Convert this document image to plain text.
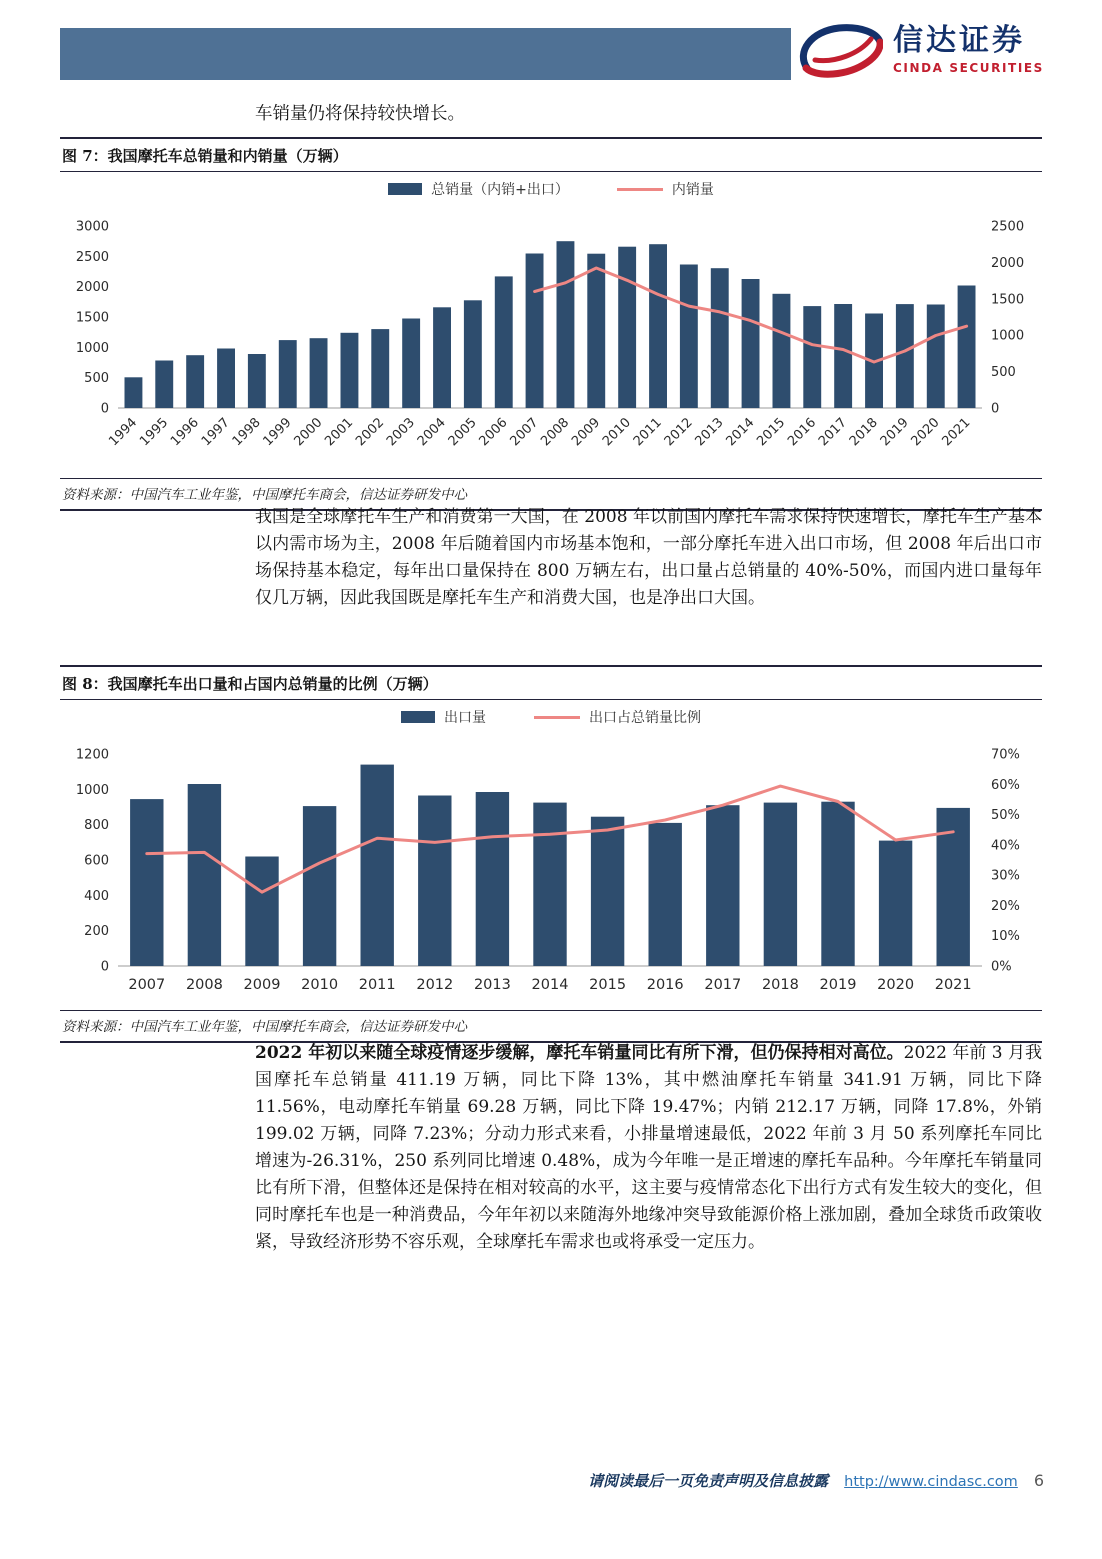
信达证券
CINDA SECURITIES
车销量仍将保持较快增长。
图 7：我国摩托车总销量和内销量（万辆）
总销量（内销+出口）	内销量
0
500
1000
1500
2000
2500
3000
0
500
1000
1500
2000
2500
1994
1995
1996
1997
1998
1999
2000
2001
2002
2003
2004
2005
2006
2007
2008
2009
2010
2011
2012
2013
2014
2015
2016
2017
2018
2019
2020
2021
资料来源：中国汽车工业年鉴，中国摩托车商会，信达证券研发中心

我国是全球摩托车生产和消费第一大国，在 2008 年以前国内摩托车需求保持快速增长，摩托车生产基本以内需市场为主，2008 年后随着国内市场基本饱和，一部分摩托车进入出口市场，但 2008 年后出口市场保持基本稳定，每年出口量保持在 800 万辆左右，出口量占总销量的 40%-50%，而国内进口量每年仅几万辆，因此我国既是摩托车生产和消费大国，也是净出口大国。

图 8：我国摩托车出口量和占国内总销量的比例（万辆）
出口量	出口占总销量比例
0
200
400
600
800
1000
1200
0%
10%
20%
30%
40%
50%
60%
70%
2007 2008 2009 2010 2011 2012 2013 2014 2015 2016 2017 2018 2019 2020 2021
资料来源：中国汽车工业年鉴，中国摩托车商会，信达证券研发中心

2022 年初以来随全球疫情逐步缓解，摩托车销量同比有所下滑，但仍保持相对高位。2022 年前 3 月我国摩托车总销量 411.19 万辆，同比下降 13%，其中燃油摩托车销量 341.91 万辆，同比下降 11.56%，电动摩托车销量 69.28 万辆，同比下降 19.47%；内销 212.17 万辆，同降 17.8%，外销 199.02 万辆，同降 7.23%；分动力形式来看，小排量增速最低，2022 年前 3 月 50 系列摩托车同比增速为-26.31%，250 系列同比增速 0.48%，成为今年唯一是正增速的摩托车品种。今年摩托车销量同比有所下滑，但整体还是保持在相对较高的水平，这主要与疫情常态化下出行方式有发生较大的变化，但同时摩托车也是一种消费品，今年年初以来随海外地缘冲突导致能源价格上涨加剧，叠加全球货币政策收紧，导致经济形势不容乐观，全球摩托车需求也或将承受一定压力。

请阅读最后一页免责声明及信息披露 http://www.cindasc.com 6
